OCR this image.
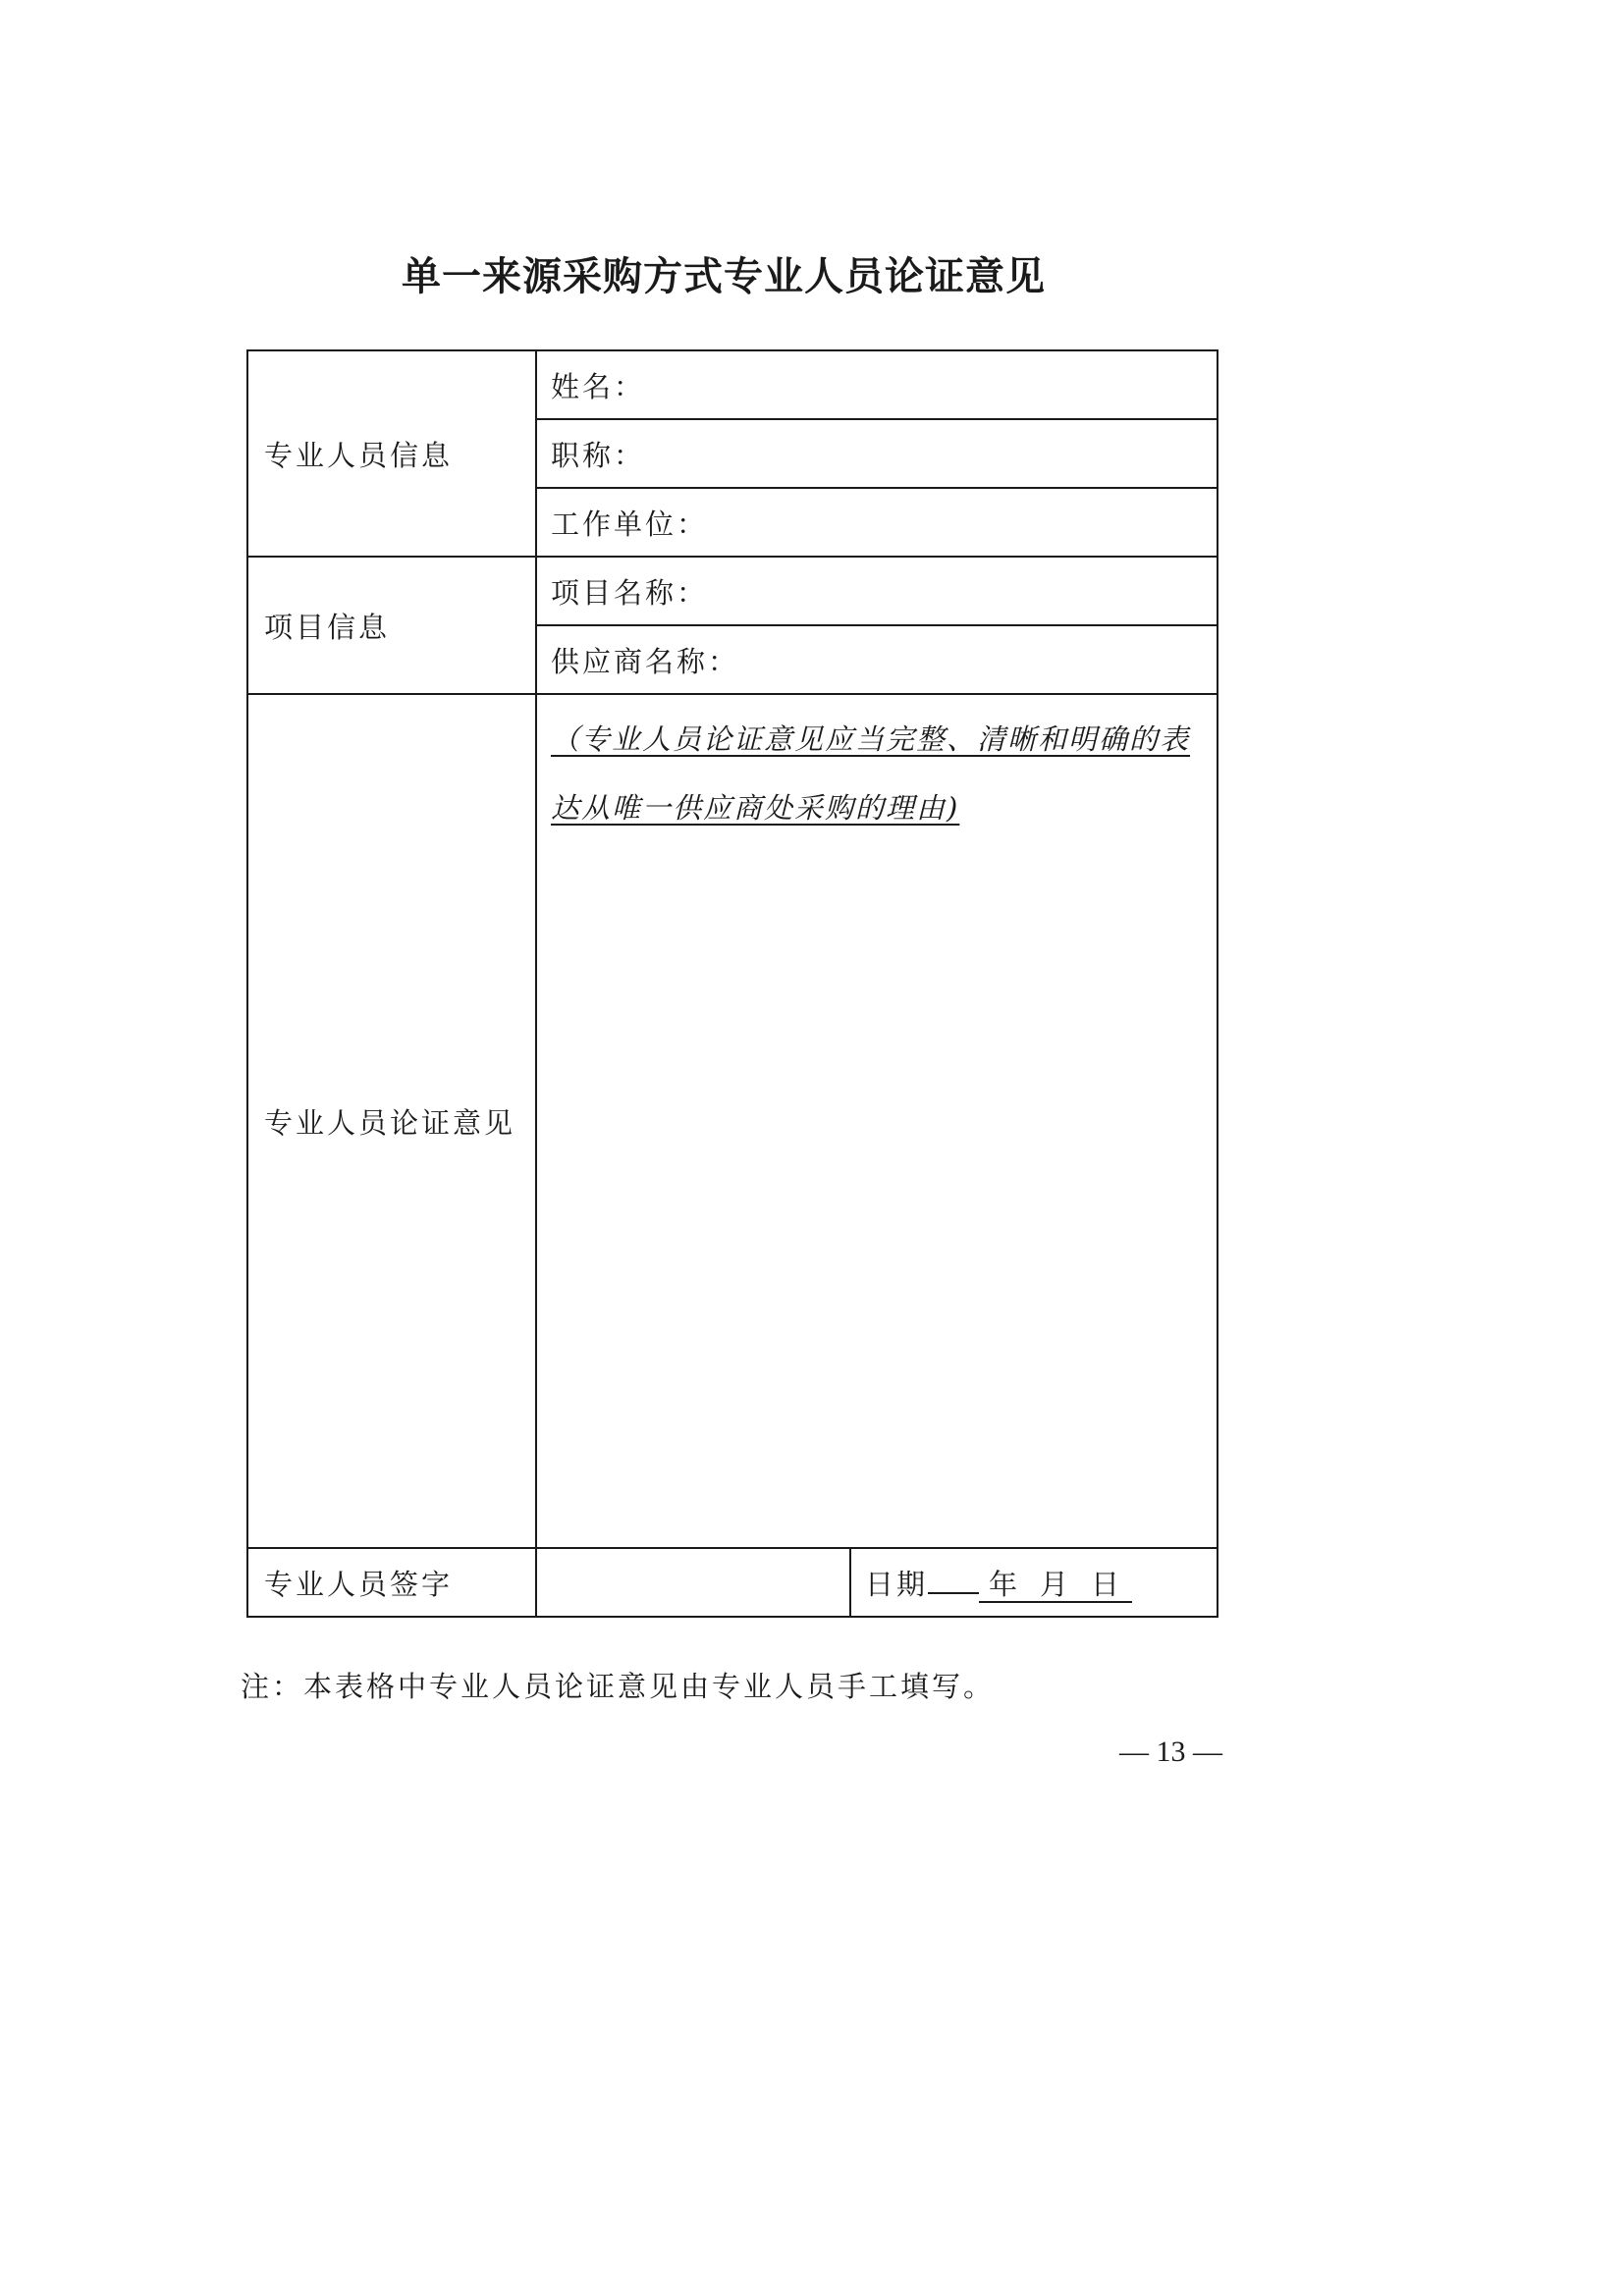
单一来源采购方式专业人员论证意见
专业人员信息	姓名：	
	职称：	
	工作单位：	
项目信息	项目名称：	
	供应商名称：	
专业人员论证意见	（专业人员论证意见应当完整、清晰和明确的表达从唯一供应商处采购的理由)	
专业人员签字		日期 年 月 日
注：本表格中专业人员论证意见由专业人员手工填写。
— 13 —
